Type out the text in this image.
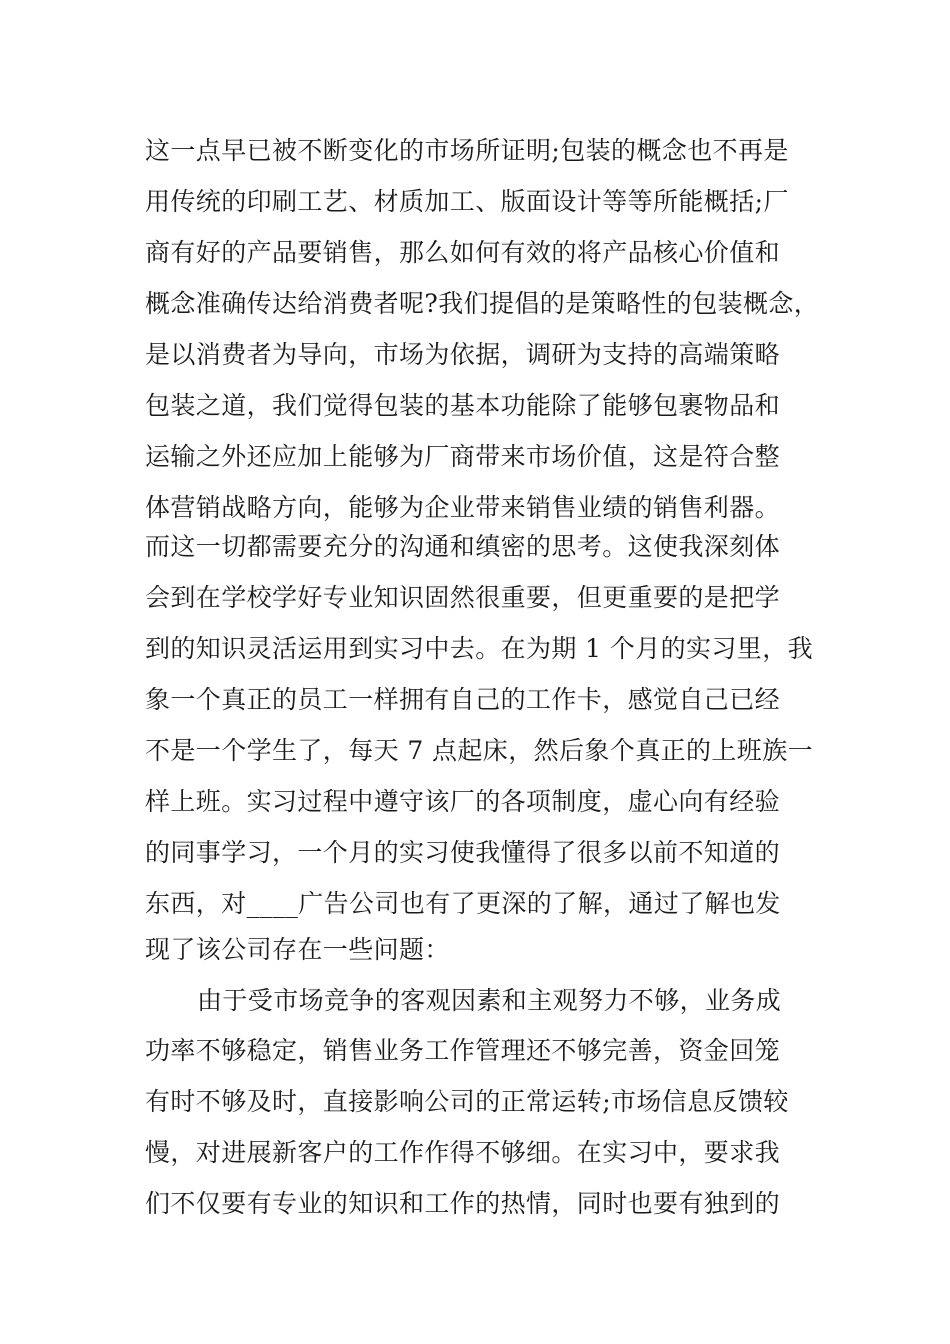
这一点早已被不断变化的市场所证明;包装的概念也不再是
用传统的印刷工艺、材质加工、版面设计等等所能概括;厂
商有好的产品要销售，那么如何有效的将产品核心价值和
概念准确传达给消费者呢?我们提倡的是策略性的包装概念，
是以消费者为导向，市场为依据，调研为支持的高端策略
包装之道，我们觉得包装的基本功能除了能够包裹物品和
运输之外还应加上能够为厂商带来市场价值，这是符合整
体营销战略方向，能够为企业带来销售业绩的销售利器。
而这一切都需要充分的沟通和缜密的思考。这使我深刻体
会到在学校学好专业知识固然很重要，但更重要的是把学
到的知识灵活运用到实习中去。在为期 1 个月的实习里，我
象一个真正的员工一样拥有自己的工作卡，感觉自己已经
不是一个学生了，每天 7 点起床，然后象个真正的上班族一
样上班。实习过程中遵守该厂的各项制度，虚心向有经验
的同事学习，一个月的实习使我懂得了很多以前不知道的
东西，对____广告公司也有了更深的了解，通过了解也发
现了该公司存在一些问题：
由于受市场竞争的客观因素和主观努力不够，业务成
功率不够稳定，销售业务工作管理还不够完善，资金回笼
有时不够及时，直接影响公司的正常运转;市场信息反馈较
慢，对进展新客户的工作作得不够细。在实习中，要求我
们不仅要有专业的知识和工作的热情，同时也要有独到的
